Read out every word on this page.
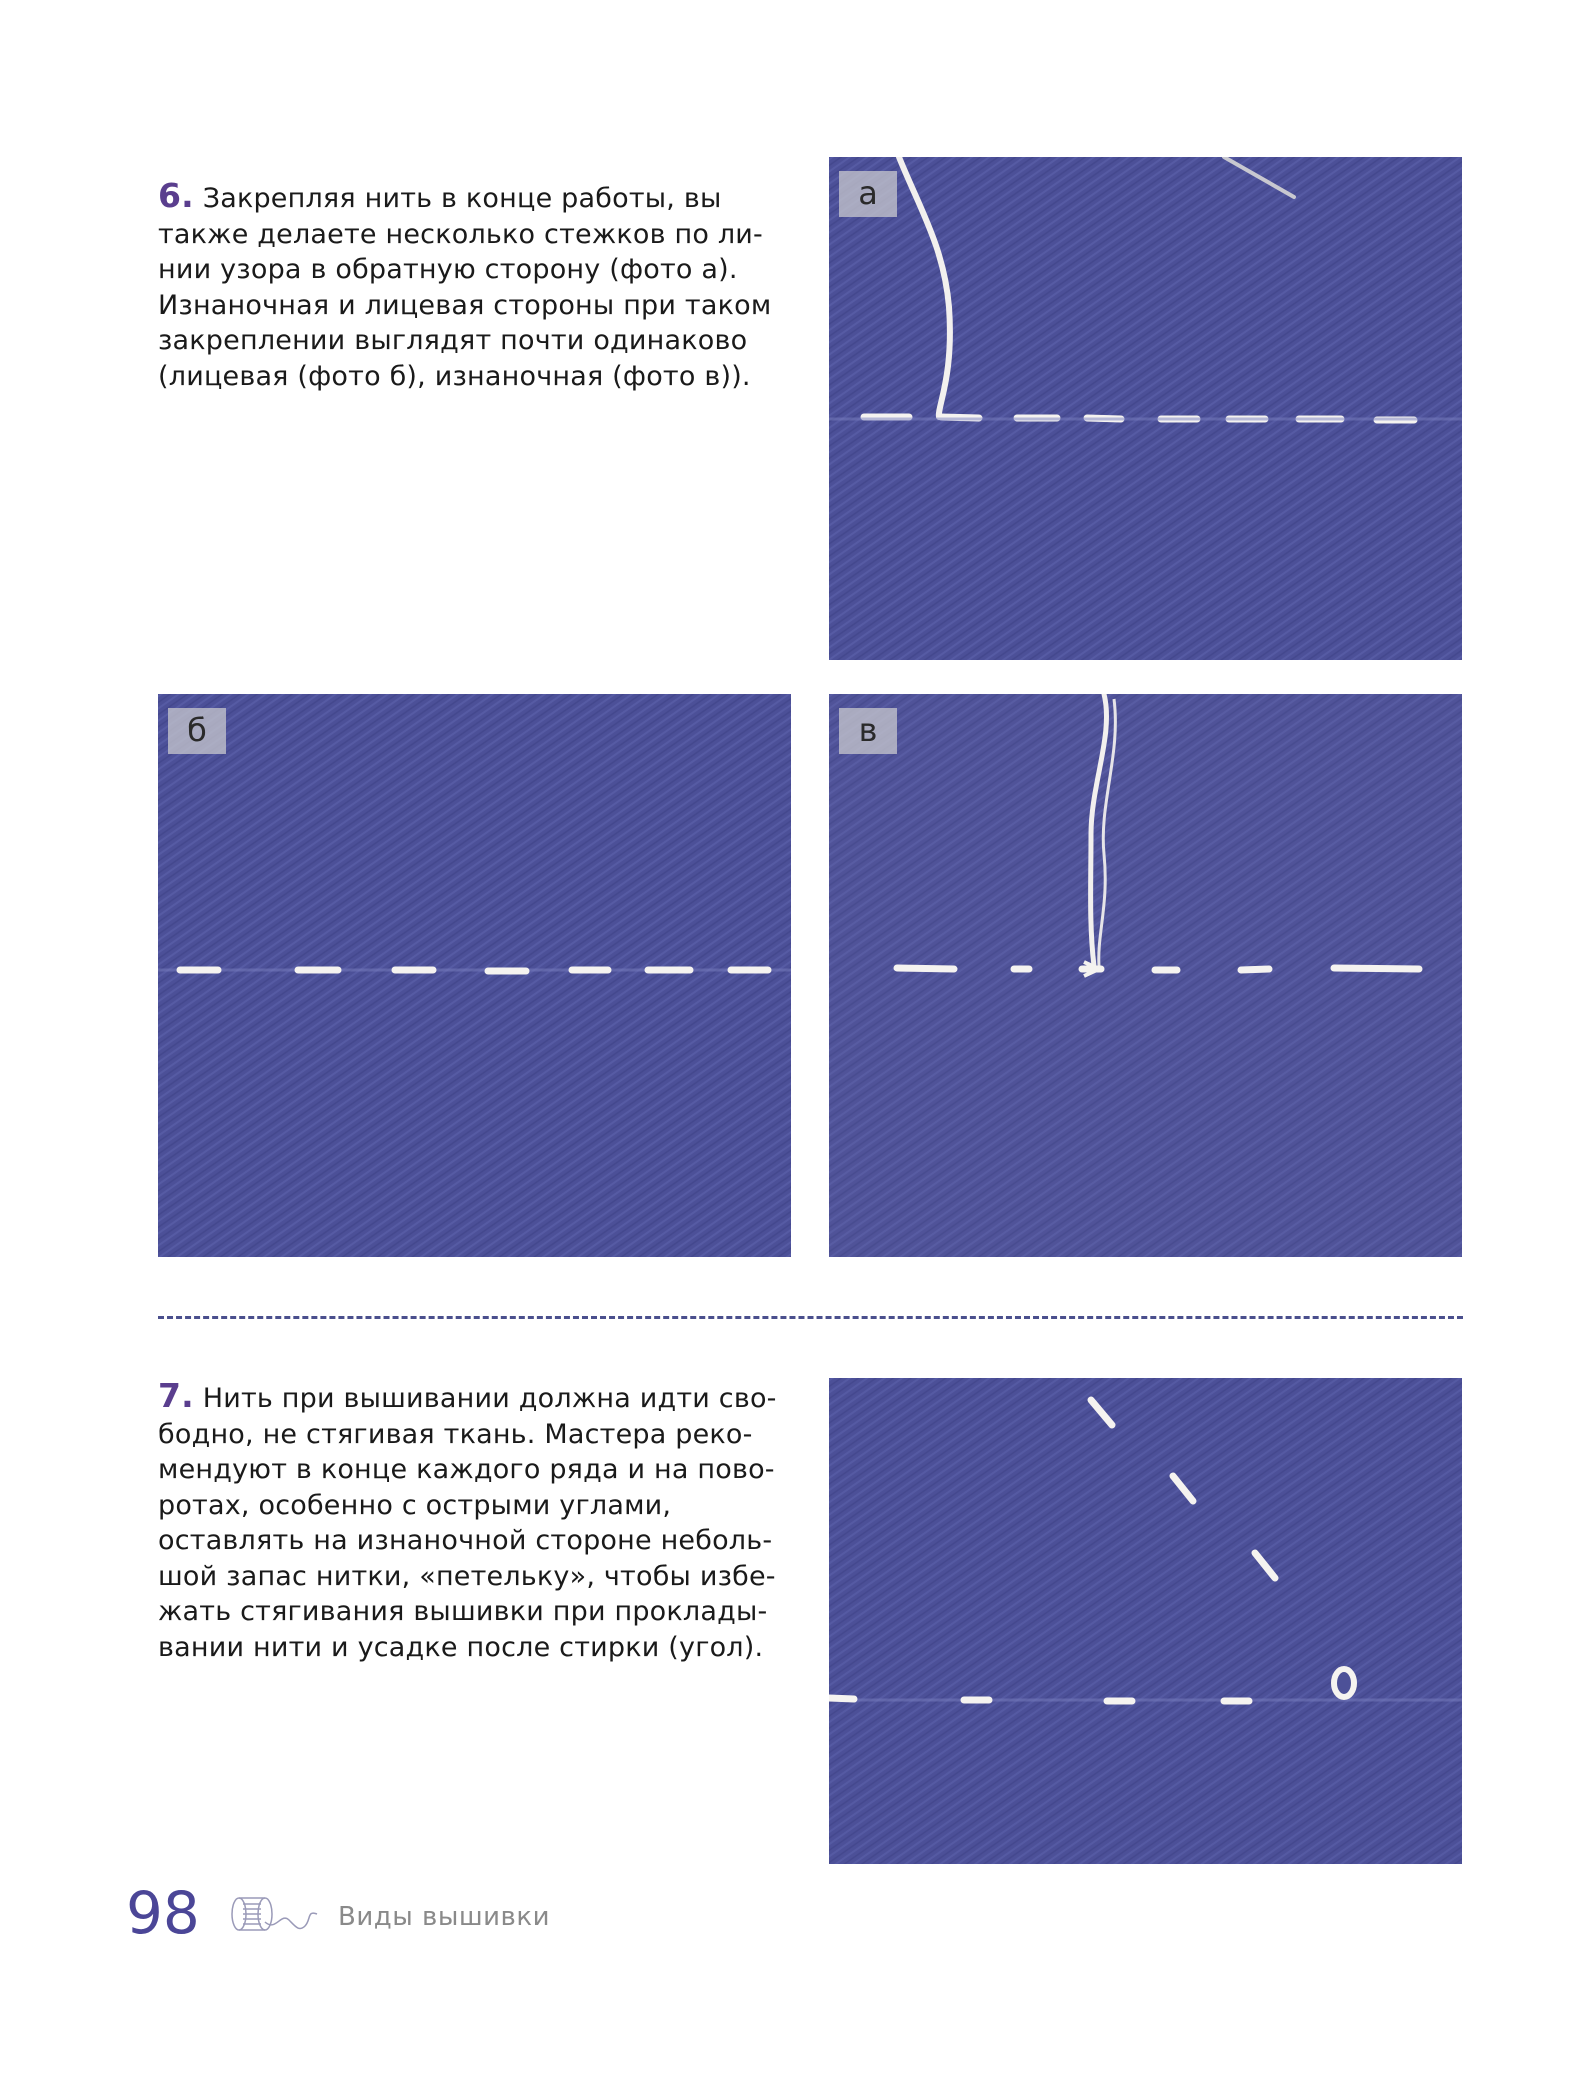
6. Закрепляя нить в конце работы, вы
также делаете несколько стежков по ли-
нии узора в обратную сторону (фото а).
Изнаночная и лицевая стороны при таком
закреплении выглядят почти одинаково
(лицевая (фото б), изнаночная (фото в)).
а
б	в
7. Нить при вышивании должна идти сво-
бодно, не стягивая ткань. Мастера реко-
мендуют в конце каждого ряда и на пово-
ротах, особенно с острыми углами,
оставлять на изнаночной стороне неболь-
шой запас нитки, «петельку», чтобы избе-
жать стягивания вышивки при проклады-
вании нити и усадке после стирки (угол).
98	Виды вышивки
